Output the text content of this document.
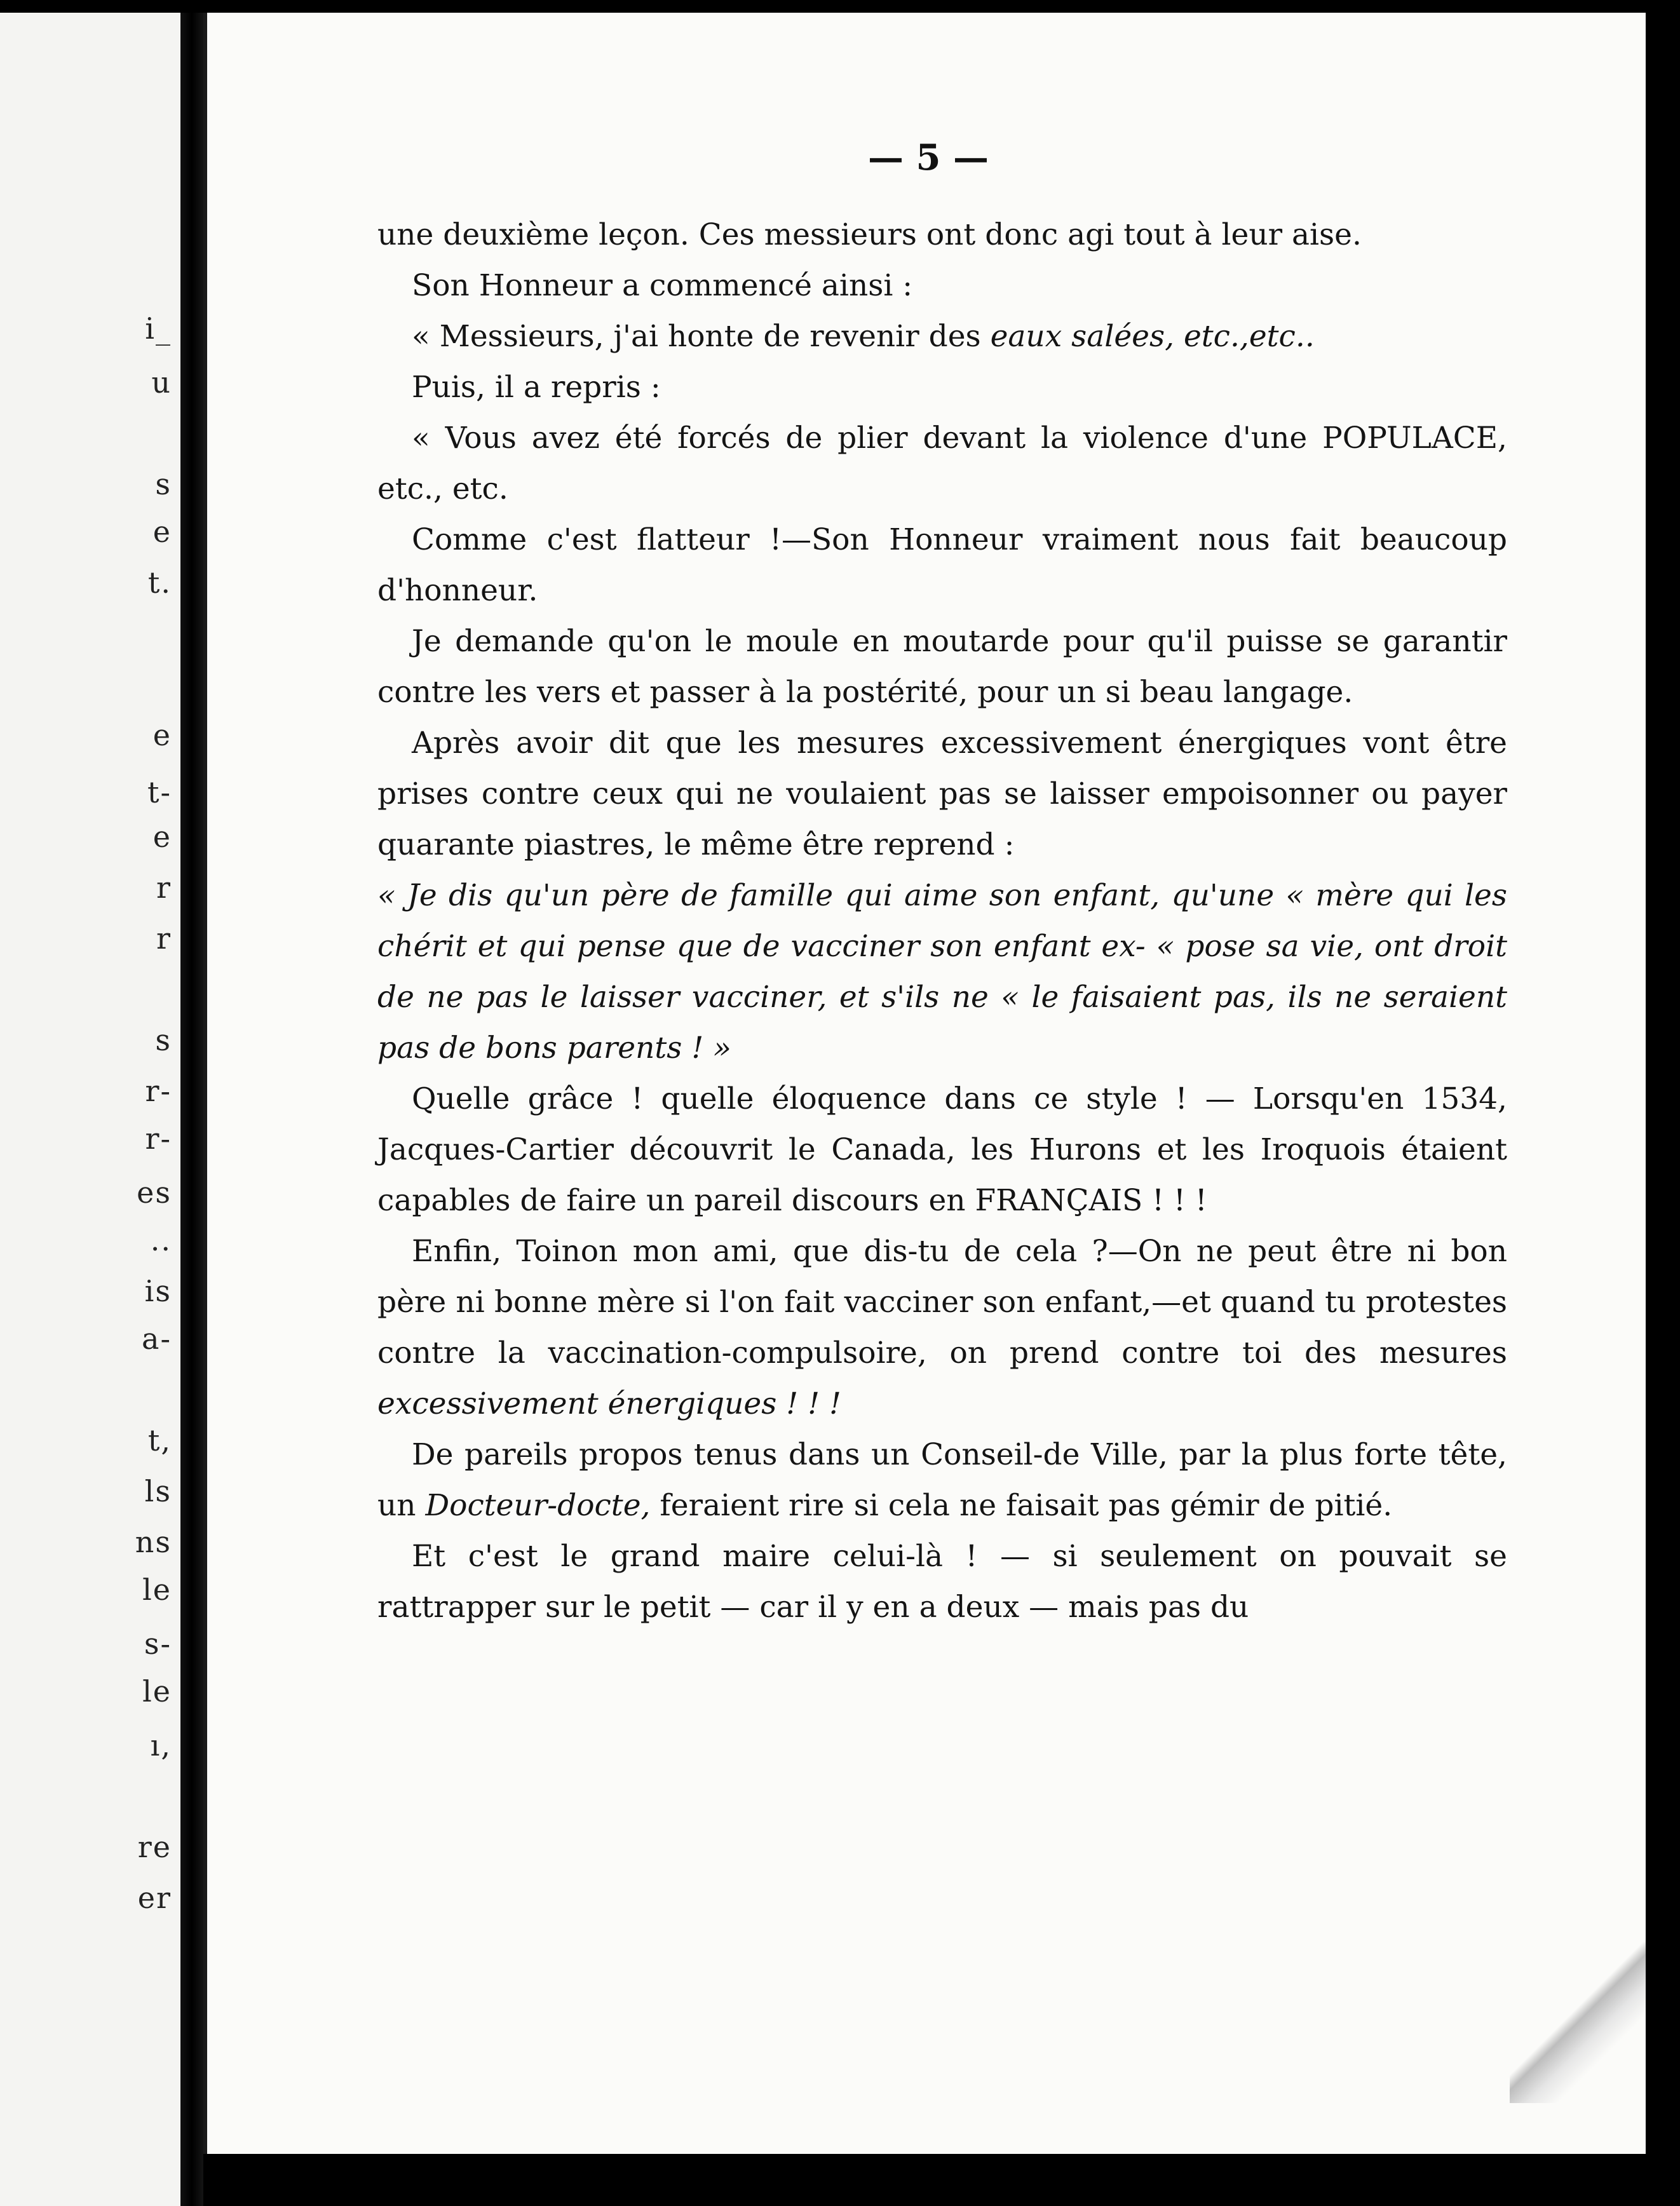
i_
u
s
e
t.
e
t-
e
r
r
s
r-
r-
es
..
is
a-
t,
ls
ns
le
s-
le
ı,
re
er
— 5 —

une deuxième leçon. Ces messieurs ont donc agi tout à leur aise.

Son Honneur a commencé ainsi :

« Messieurs, j'ai honte de revenir des eaux salées, etc.,etc..

Puis, il a repris :

« Vous avez été forcés de plier devant la violence d'une POPULACE, etc., etc.

Comme c'est flatteur !—Son Honneur vraiment nous fait beaucoup d'honneur.

Je demande qu'on le moule en moutarde pour qu'il puisse se garantir contre les vers et passer à la postérité, pour un si beau langage.

Après avoir dit que les mesures excessivement énergiques vont être prises contre ceux qui ne voulaient pas se laisser empoisonner ou payer quarante piastres, le même être reprend :

« Je dis qu'un père de famille qui aime son enfant, qu'une « mère qui les chérit et qui pense que de vacciner son enfant ex- « pose sa vie, ont droit de ne pas le laisser vacciner, et s'ils ne « le faisaient pas, ils ne seraient pas de bons parents ! »

Quelle grâce ! quelle éloquence dans ce style ! — Lorsqu'en 1534, Jacques-Cartier découvrit le Canada, les Hurons et les Iroquois étaient capables de faire un pareil discours en FRANÇAIS ! ! !

Enfin, Toinon mon ami, que dis-tu de cela ?—On ne peut être ni bon père ni bonne mère si l'on fait vacciner son enfant,—et quand tu protestes contre la vaccination-compulsoire, on prend contre toi des mesures excessivement énergiques ! ! !

De pareils propos tenus dans un Conseil-de Ville, par la plus forte tête, un Docteur-docte, feraient rire si cela ne faisait pas gémir de pitié.

Et c'est le grand maire celui-là ! — si seulement on pouvait se rattrapper sur le petit — car il y en a deux — mais pas du
